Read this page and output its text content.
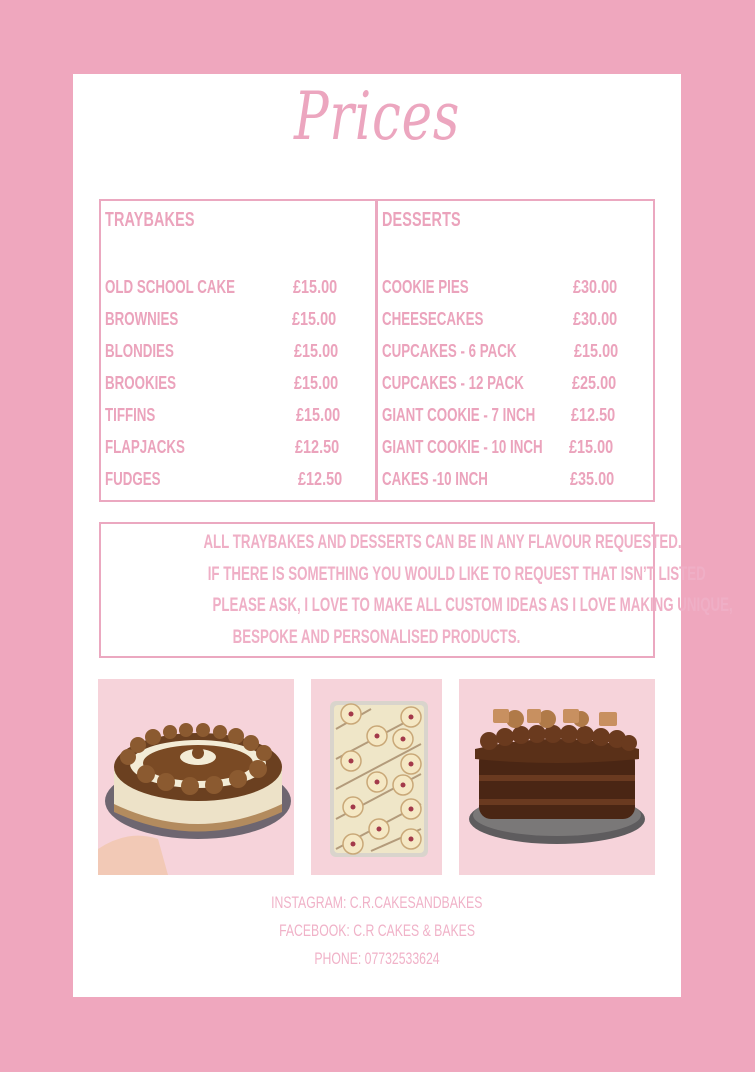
Prices
TRAYBAKES
OLD SCHOOL CAKE	£15.00
BROWNIES	£15.00
BLONDIES	£15.00
BROOKIES	£15.00
TIFFINS	£15.00
FLAPJACKS	£12.50
FUDGES	£12.50
DESSERTS
COOKIE PIES	£30.00
CHEESECAKES	£30.00
CUPCAKES - 6 PACK	£15.00
CUPCAKES - 12 PACK	£25.00
GIANT COOKIE - 7 INCH £12.50
GIANT COOKIE - 10 INCH £15.00
CAKES -10 INCH	£35.00
ALL TRAYBAKES AND DESSERTS CAN BE IN ANY FLAVOUR REQUESTED.
IF THERE IS SOMETHING YOU WOULD LIKE TO REQUEST THAT ISN’T LISTED
PLEASE ASK, I LOVE TO MAKE ALL CUSTOM IDEAS AS I LOVE MAKING UNIQUE,
BESPOKE AND PERSONALISED PRODUCTS.
INSTAGRAM: C.R.CAKESANDBAKES
FACEBOOK: C.R CAKES & BAKES
PHONE: 07732533624
